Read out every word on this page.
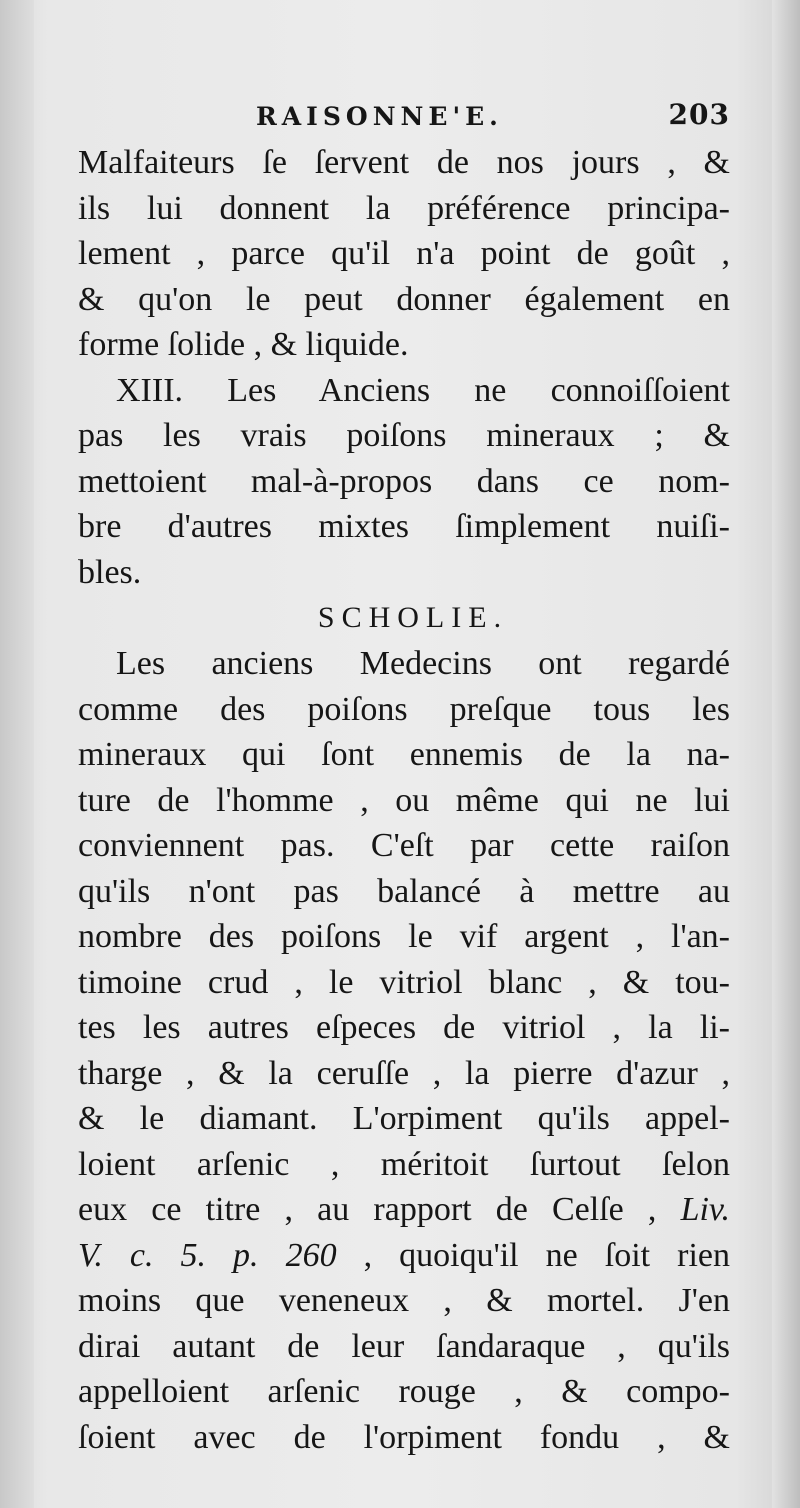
RAISONNE'E.	203
Malfaiteurs ſe ſervent de nos jours , &
ils lui donnent la préférence principa-
lement , parce qu'il n'a point de goût ,
& qu'on le peut donner également en
forme ſolide , & liquide.
XIII. Les Anciens ne connoiſſoient
pas les vrais poiſons mineraux ; &
mettoient mal-à-propos dans ce nom-
bre d'autres mixtes ſimplement nuiſi-
bles.
SCHOLIE.
Les anciens Medecins ont regardé
comme des poiſons preſque tous les
mineraux qui ſont ennemis de la na-
ture de l'homme , ou même qui ne lui
conviennent pas. C'eſt par cette raiſon
qu'ils n'ont pas balancé à mettre au
nombre des poiſons le vif argent , l'an-
timoine crud , le vitriol blanc , & tou-
tes les autres eſpeces de vitriol , la li-
tharge , & la ceruſſe , la pierre d'azur ,
& le diamant. L'orpiment qu'ils appel-
loient arſenic , méritoit ſurtout ſelon
eux ce titre , au rapport de Celſe , Liv.
V. c. 5. p. 260 , quoiqu'il ne ſoit rien
moins que veneneux , & mortel. J'en
dirai autant de leur ſandaraque , qu'ils
appelloient arſenic rouge , & compo-
ſoient avec de l'orpiment fondu , &
